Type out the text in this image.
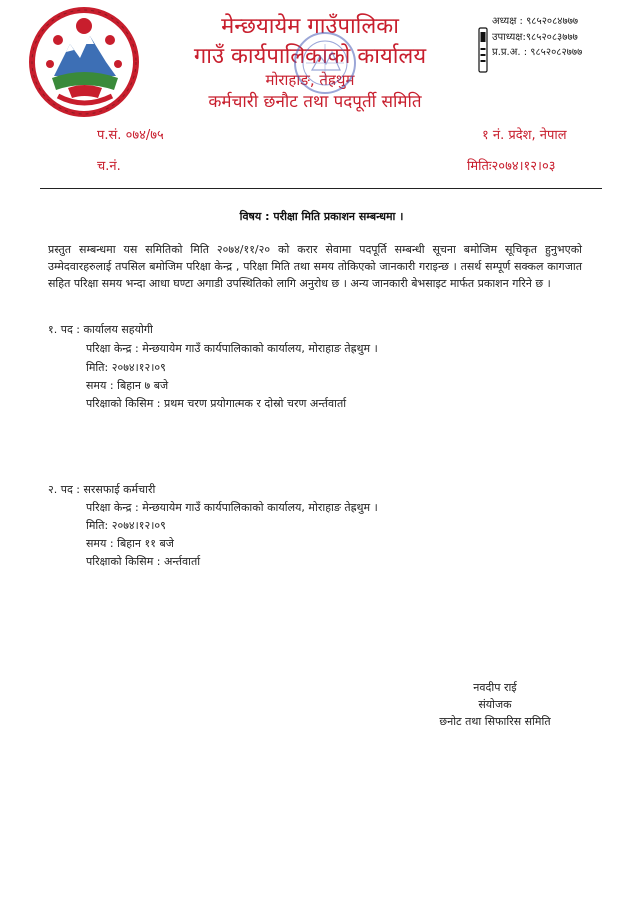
मेन्छयायेम गाउँपालिका
गाउँ कार्यपालिकाको कार्यालय
मोराहाङ, तेह्रथुम
कर्मचारी छनौट तथा पदपूर्ती समिति
अध्यक्ष : ९८५२०८४७७७
उपाध्यक्ष:९८५२०८३७७७
प्र.प्र.अ. : ९८५२०८२७७७
प.सं. ०७४/७५	१ नं. प्रदेश, नेपाल
च.नं.	मितिः२०७४।१२।०३
विषय : परीक्षा मिति प्रकाशन सम्बन्धमा ।
प्रस्तुत सम्बन्धमा यस समितिको मिति २०७४/११/२० को करार सेवामा पदपूर्ति सम्बन्धी सूचना बमोजिम सूचिकृत हुनुभएको उम्मेदवारहरुलाई तपसिल बमोजिम परिक्षा केन्द्र , परिक्षा मिति तथा समय तोकिएको जानकारी गराइन्छ । तसर्थ सम्पूर्ण सक्कल कागजात सहित परिक्षा समय भन्दा आधा घण्टा अगाडी उपस्थितिको लागि अनुरोध छ । अन्य जानकारी बेभसाइट मार्फत प्रकाशन गरिने छ ।
१. पद : कार्यालय सहयोगी
परिक्षा केन्द्र : मेन्छयायेम गाउँ कार्यपालिकाको कार्यालय, मोराहाङ तेह्रथुम ।
मिति: २०७४।१२।०९
समय : बिहान ७ बजे
परिक्षाको किसिम : प्रथम चरण प्रयोगात्मक र दोस्रो चरण अर्न्तवार्ता
२. पद : सरसफाई कर्मचारी
परिक्षा केन्द्र : मेन्छयायेम गाउँ कार्यपालिकाको कार्यालय, मोराहाङ तेह्रथुम ।
मिति: २०७४।१२।०९
समय : बिहान ११ बजे
परिक्षाको किसिम : अर्न्तवार्ता
नवदीप राई
संयोजक
छनोट तथा सिफारिस समिति
